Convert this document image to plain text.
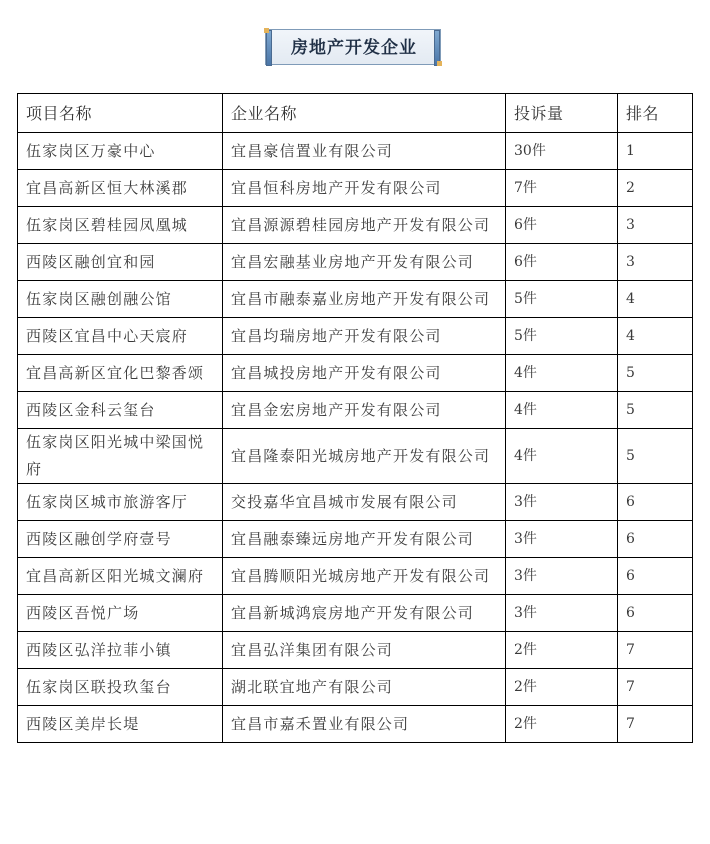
房地产开发企业
项目名称	企业名称	投诉量	排名
伍家岗区万豪中心	宜昌豪信置业有限公司	30件	1
宜昌高新区恒大林溪郡	宜昌恒科房地产开发有限公司	7件	2
伍家岗区碧桂园凤凰城	宜昌源源碧桂园房地产开发有限公司	6件	3
西陵区融创宜和园	宜昌宏融基业房地产开发有限公司	6件	3
伍家岗区融创融公馆	宜昌市融泰嘉业房地产开发有限公司	5件	4
西陵区宜昌中心天宸府	宜昌均瑞房地产开发有限公司	5件	4
宜昌高新区宜化巴黎香颂	宜昌城投房地产开发有限公司	4件	5
西陵区金科云玺台	宜昌金宏房地产开发有限公司	4件	5
伍家岗区阳光城中梁国悦府	宜昌隆泰阳光城房地产开发有限公司	4件	5
伍家岗区城市旅游客厅	交投嘉华宜昌城市发展有限公司	3件	6
西陵区融创学府壹号	宜昌融泰臻远房地产开发有限公司	3件	6
宜昌高新区阳光城文澜府	宜昌腾顺阳光城房地产开发有限公司	3件	6
西陵区吾悦广场	宜昌新城鸿宸房地产开发有限公司	3件	6
西陵区弘洋拉菲小镇	宜昌弘洋集团有限公司	2件	7
伍家岗区联投玖玺台	湖北联宜地产有限公司	2件	7
西陵区美岸长堤	宜昌市嘉禾置业有限公司	2件	7
